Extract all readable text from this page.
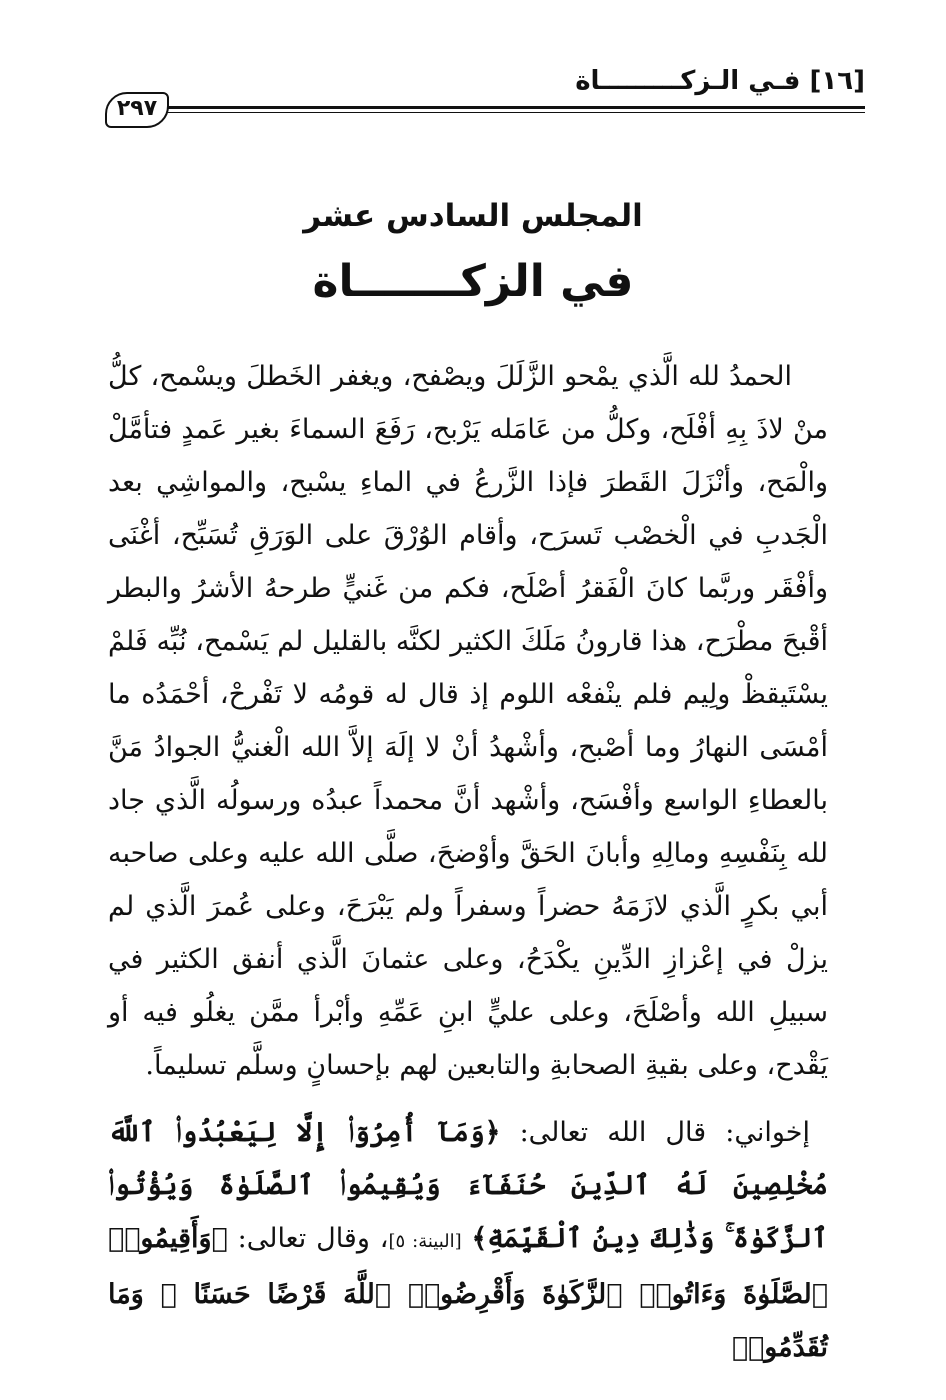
[١٦] فـي الـزكـــــــــاة
٢٩٧
المجلس السادس عشر
في الزكـــــــاة

الحمدُ لله الَّذي يمْحو الزَّلَلَ ويصْفح، ويغفر الخَطلَ ويسْمح، كلُّ منْ لاذَ بِهِ أفْلَح، وكلُّ من عَامَله يَرْبح، رَفَعَ السماءَ بغير عَمدٍ فتأمَّلْ والْمَح، وأنْزَلَ القَطرَ فإذا الزَّرعُ في الماءِ يسْبح، والمواشِي بعد الْجَدبِ في الْخصْب تَسرَح، وأقام الوُرْقَ على الوَرَقِ تُسَبِّح، أغْنَى وأفْقَر وربَّما كانَ الْفَقرُ أصْلَح، فكم من غَنيٍّ طرحهُ الأشرُ والبطر أقْبحَ مطْرَح، هذا قارونُ مَلَكَ الكثير لكنَّه بالقليل لم يَسْمح، نُبِّه فَلمْ يسْتَيقظْ ولِيم فلم ينْفعْه اللوم إذ قال له قومُه لا تَفْرحْ، أحْمَدُه ما أمْسَى النهارُ وما أصْبح، وأشْهدُ أنْ لا إلَهَ إلاَّ الله الْغنيُّ الجوادُ مَنَّ بالعطاءِ الواسع وأفْسَح، وأشْهد أنَّ محمداً عبدُه ورسولُه الَّذي جاد لله بِنَفْسِهِ ومالِهِ وأبانَ الحَقَّ وأوْضحَ، صلَّى الله عليه وعلى صاحبه أبي بكرٍ الَّذي لازَمَهُ حضراً وسفراً ولم يَبْرَحَ، وعلى عُمرَ الَّذي لم يزلْ في إعْزازِ الدِّينِ يكْدَحُ، وعلى عثمانَ الَّذي أنفق الكثير في سبيلِ الله وأصْلَحَ، وعلى عليٍّ ابنِ عَمِّهِ وأبْرأ ممَّن يغلُو فيه أو يَقْدح، وعلى بقيةِ الصحابةِ والتابعين لهم بإحسانٍ وسلَّم تسليماً.

إخواني: قال الله تعالى: ﴿وَمَآ أُمِرُوٓا۟ إِلَّا لِيَعْبُدُوا۟ ٱللَّهَ مُخْلِصِينَ لَهُ ٱلدِّينَ حُنَفَآءَ وَيُقِيمُوا۟ ٱلصَّلَوٰةَ وَيُؤْتُوا۟ ٱلزَّكَوٰةَ ۚ وَذَٰلِكَ دِينُ ٱلْقَيِّمَةِ﴾ [البينة: ٥]، وقال تعالى: ﴿وَأَقِيمُوا۟ ٱلصَّلَوٰةَ وَءَاتُوا۟ ٱلزَّكَوٰةَ وَأَقْرِضُوا۟ ٱللَّهَ قَرْضًا حَسَنًا ۚ وَمَا تُقَدِّمُوا۟
